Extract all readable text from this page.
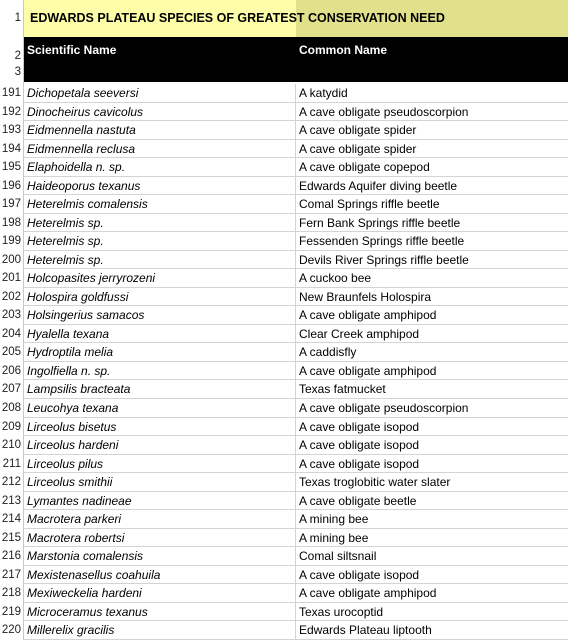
1
2
3
EDWARDS PLATEAU SPECIES OF GREATEST CONSERVATION NEED
Scientific Name	Common Name
191 Dichopetala seeversi	A katydid
192 Dinocheirus cavicolus	A cave obligate pseudoscorpion
193 Eidmennella nastuta	A cave obligate spider
194 Eidmennella reclusa	A cave obligate spider
195 Elaphoidella n. sp.	A cave obligate copepod
196 Haideoporus texanus	Edwards Aquifer diving beetle
197 Heterelmis comalensis	Comal Springs riffle beetle
198 Heterelmis sp.	Fern Bank Springs riffle beetle
199 Heterelmis sp.	Fessenden Springs riffle beetle
200 Heterelmis sp.	Devils River Springs riffle beetle
201 Holcopasites jerryrozeni	A cuckoo bee
202 Holospira goldfussi	New Braunfels Holospira
203 Holsingerius samacos	A cave obligate amphipod
204 Hyalella texana	Clear Creek amphipod
205 Hydroptila melia	A caddisfly
206 Ingolfiella n. sp.	A cave obligate amphipod
207 Lampsilis bracteata	Texas fatmucket
208 Leucohya texana	A cave obligate pseudoscorpion
209 Lirceolus bisetus	A cave obligate isopod
210 Lirceolus hardeni	A cave obligate isopod
211 Lirceolus pilus	A cave obligate isopod
212 Lirceolus smithii	Texas troglobitic water slater
213 Lymantes nadineae	A cave obligate beetle
214 Macrotera parkeri	A mining bee
215 Macrotera robertsi	A mining bee
216 Marstonia comalensis	Comal siltsnail
217 Mexistenasellus coahuila	A cave obligate isopod
218 Mexiweckelia hardeni	A cave obligate amphipod
219 Microceramus texanus	Texas urocoptid
220 Millerelix gracilis	Edwards Plateau liptooth
